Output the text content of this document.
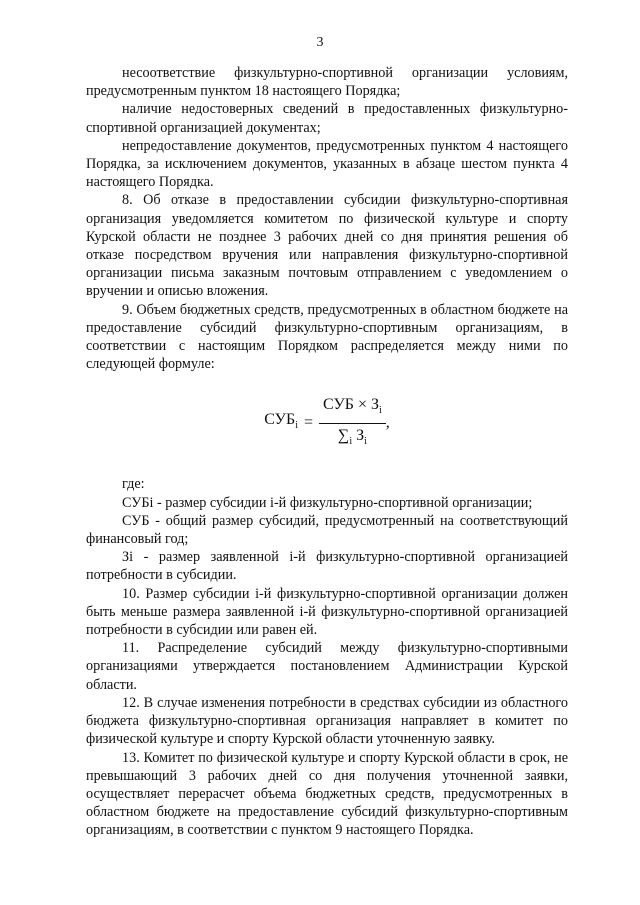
3

несоответствие физкультурно-спортивной организации условиям, предусмотренным пунктом 18 настоящего Порядка;

наличие недостоверных сведений в предоставленных физкультурно-спортивной организацией документах;

непредоставление документов, предусмотренных пунктом 4 настоящего Порядка, за исключением документов, указанных в абзаце шестом пункта 4 настоящего Порядка.

8. Об отказе в предоставлении субсидии физкультурно-спортивная организация уведомляется комитетом по физической культуре и спорту Курской области не позднее 3 рабочих дней со дня принятия решения об отказе посредством вручения или направления физкультурно-спортивной организации письма заказным почтовым отправлением с уведомлением о вручении и описью вложения.

9. Объем бюджетных средств, предусмотренных в областном бюджете на предоставление субсидий физкультурно-спортивным организациям, в соответствии с настоящим Порядком распределяется между ними по следующей формуле:

$СУБ_i = \frac{СУБ \times З_i}{\sum_i З_i}$ ,

где:

СУБi - размер субсидии i-й физкультурно-спортивной организации;

СУБ - общий размер субсидий, предусмотренный на соответствующий финансовый год;

Зi - размер заявленной i-й физкультурно-спортивной организацией потребности в субсидии.

10. Размер субсидии i-й физкультурно-спортивной организации должен быть меньше размера заявленной i-й физкультурно-спортивной организацией потребности в субсидии или равен ей.

11. Распределение субсидий между физкультурно-спортивными организациями утверждается постановлением Администрации Курской области.

12. В случае изменения потребности в средствах субсидии из областного бюджета физкультурно-спортивная организация направляет в комитет по физической культуре и спорту Курской области уточненную заявку.

13. Комитет по физической культуре и спорту Курской области в срок, не превышающий 3 рабочих дней со дня получения уточненной заявки, осуществляет перерасчет объема бюджетных средств, предусмотренных в областном бюджете на предоставление субсидий физкультурно-спортивным организациям, в соответствии с пунктом 9 настоящего Порядка.
